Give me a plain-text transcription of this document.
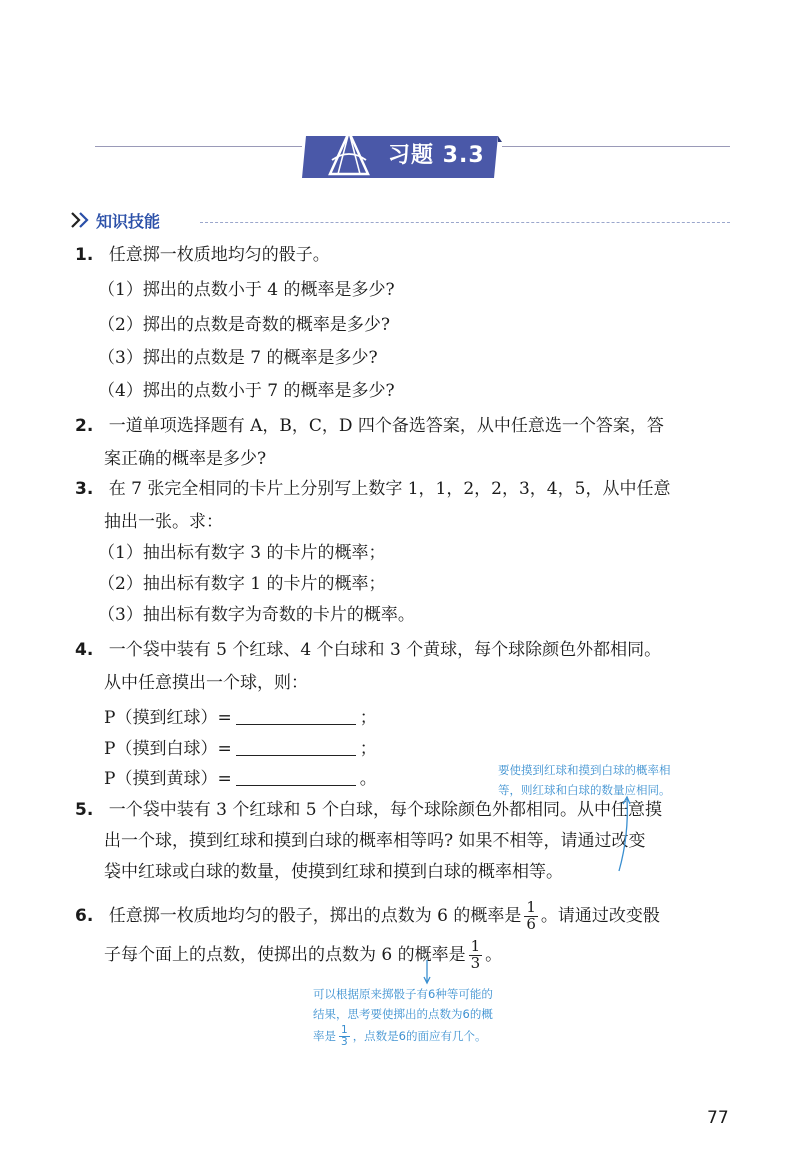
习题 3.3
知识技能
1. 任意掷一枚质地均匀的骰子。
（1）掷出的点数小于 4 的概率是多少?
（2）掷出的点数是奇数的概率是多少?
（3）掷出的点数是 7 的概率是多少?
（4）掷出的点数小于 7 的概率是多少?
2. 一道单项选择题有 A，B，C，D 四个备选答案，从中任意选一个答案，答
案正确的概率是多少?
3. 在 7 张完全相同的卡片上分别写上数字 1，1，2，2，3，4，5，从中任意
抽出一张。求：
（1）抽出标有数字 3 的卡片的概率；
（2）抽出标有数字 1 的卡片的概率；
（3）抽出标有数字为奇数的卡片的概率。
4. 一个袋中装有 5 个红球、4 个白球和 3 个黄球，每个球除颜色外都相同。
从中任意摸出一个球，则：
P（摸到红球）=	；
P（摸到白球）=	；
P（摸到黄球）=	。	要使摸到红球和摸到白球的概率相
等，则红球和白球的数量应相同。
5. 一个袋中装有 3 个红球和 5 个白球，每个球除颜色外都相同。从中任意摸
出一个球，摸到红球和摸到白球的概率相等吗? 如果不相等，请通过改变
袋中红球或白球的数量，使摸到红球和摸到白球的概率相等。
6. 任意掷一枚质地均匀的骰子，掷出的点数为 6 的概率是 $\frac{1}{6}$ 。请通过改变骰
子每个面上的点数，使掷出的点数为 6 的概率是 $\frac{1}{3}$ 。
可以根据原来掷骰子有6种等可能的
结果，思考要使掷出的点数为6的概
率是 $\frac{1}{3}$ ，点数是6的面应有几个。
77
